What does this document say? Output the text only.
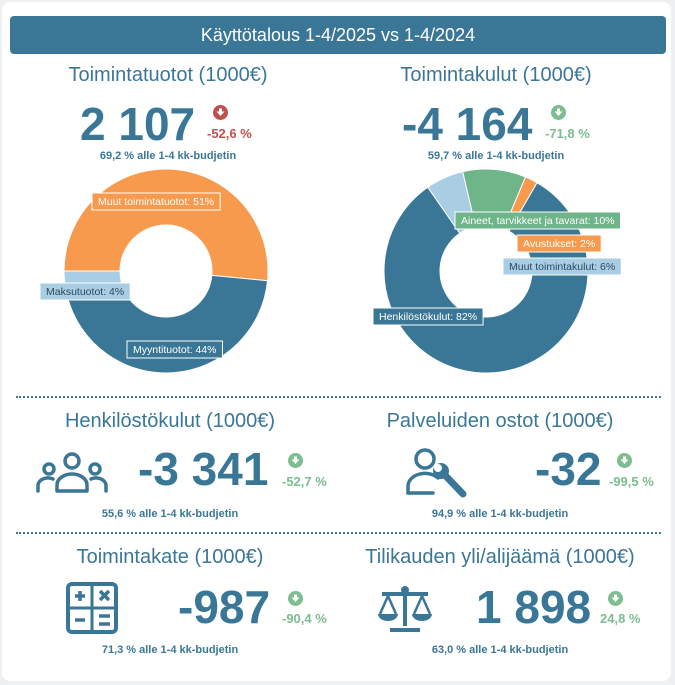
Käyttötalous 1-4/2025 vs 1-4/2024
Toimintatuotot (1000€)
2 107 -52,6 %
69,2 % alle 1-4 kk-budjetin
Toimintakulut (1000€)
-4 164 -71,8 %
59,7 % alle 1-4 kk-budjetin
Muut toimintatuotot: 51%
Maksutuotot: 4%
Myyntituotot: 44%
Aineet, tarvikkeet ja tavarat: 10%
Avustukset: 2%
Muut toimintakulut: 6%
Henkilöstökulut: 82%
Henkilöstökulut (1000€)
-3 341 -52,7 %
55,6 % alle 1-4 kk-budjetin
Palveluiden ostot (1000€)
-32 -99,5 %
94,9 % alle 1-4 kk-budjetin
Toimintakate (1000€)
-987 -90,4 %
71,3 % alle 1-4 kk-budjetin
Tilikauden yli/alijäämä (1000€)
1 898 24,8 %
63,0 % alle 1-4 kk-budjetin
